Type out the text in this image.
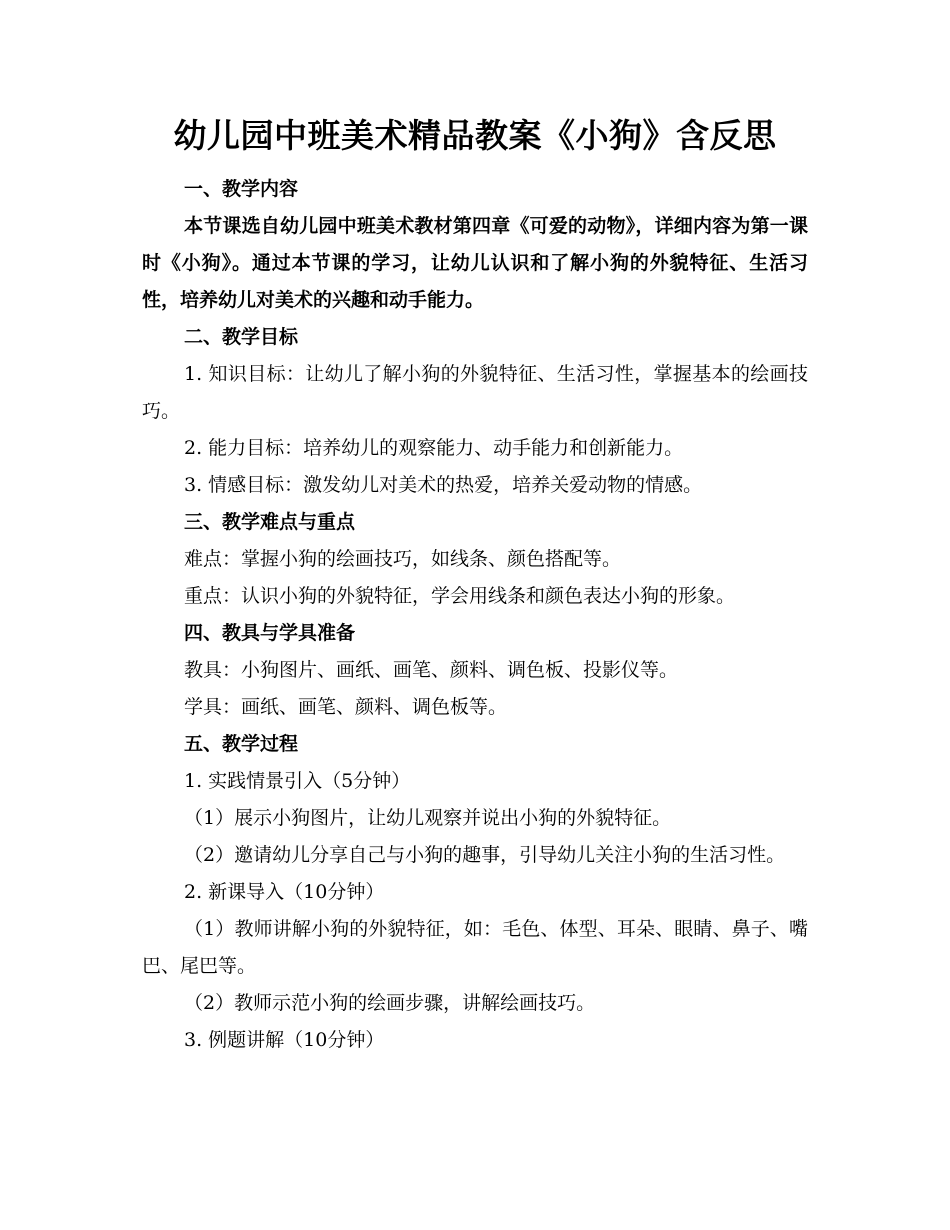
幼儿园中班美术精品教案《小狗》含反思

一、教学内容

本节课选自幼儿园中班美术教材第四章《可爱的动物》，详细内容为第一课时《小狗》。通过本节课的学习，让幼儿认识和了解小狗的外貌特征、生活习性，培养幼儿对美术的兴趣和动手能力。

二、教学目标

1. 知识目标：让幼儿了解小狗的外貌特征、生活习性，掌握基本的绘画技巧。

2. 能力目标：培养幼儿的观察能力、动手能力和创新能力。

3. 情感目标：激发幼儿对美术的热爱，培养关爱动物的情感。

三、教学难点与重点

难点：掌握小狗的绘画技巧，如线条、颜色搭配等。

重点：认识小狗的外貌特征，学会用线条和颜色表达小狗的形象。

四、教具与学具准备

教具：小狗图片、画纸、画笔、颜料、调色板、投影仪等。

学具：画纸、画笔、颜料、调色板等。

五、教学过程

1. 实践情景引入（5分钟）

（1）展示小狗图片，让幼儿观察并说出小狗的外貌特征。

（2）邀请幼儿分享自己与小狗的趣事，引导幼儿关注小狗的生活习性。

2. 新课导入（10分钟）

（1）教师讲解小狗的外貌特征，如：毛色、体型、耳朵、眼睛、鼻子、嘴巴、尾巴等。

（2）教师示范小狗的绘画步骤，讲解绘画技巧。

3. 例题讲解（10分钟）
